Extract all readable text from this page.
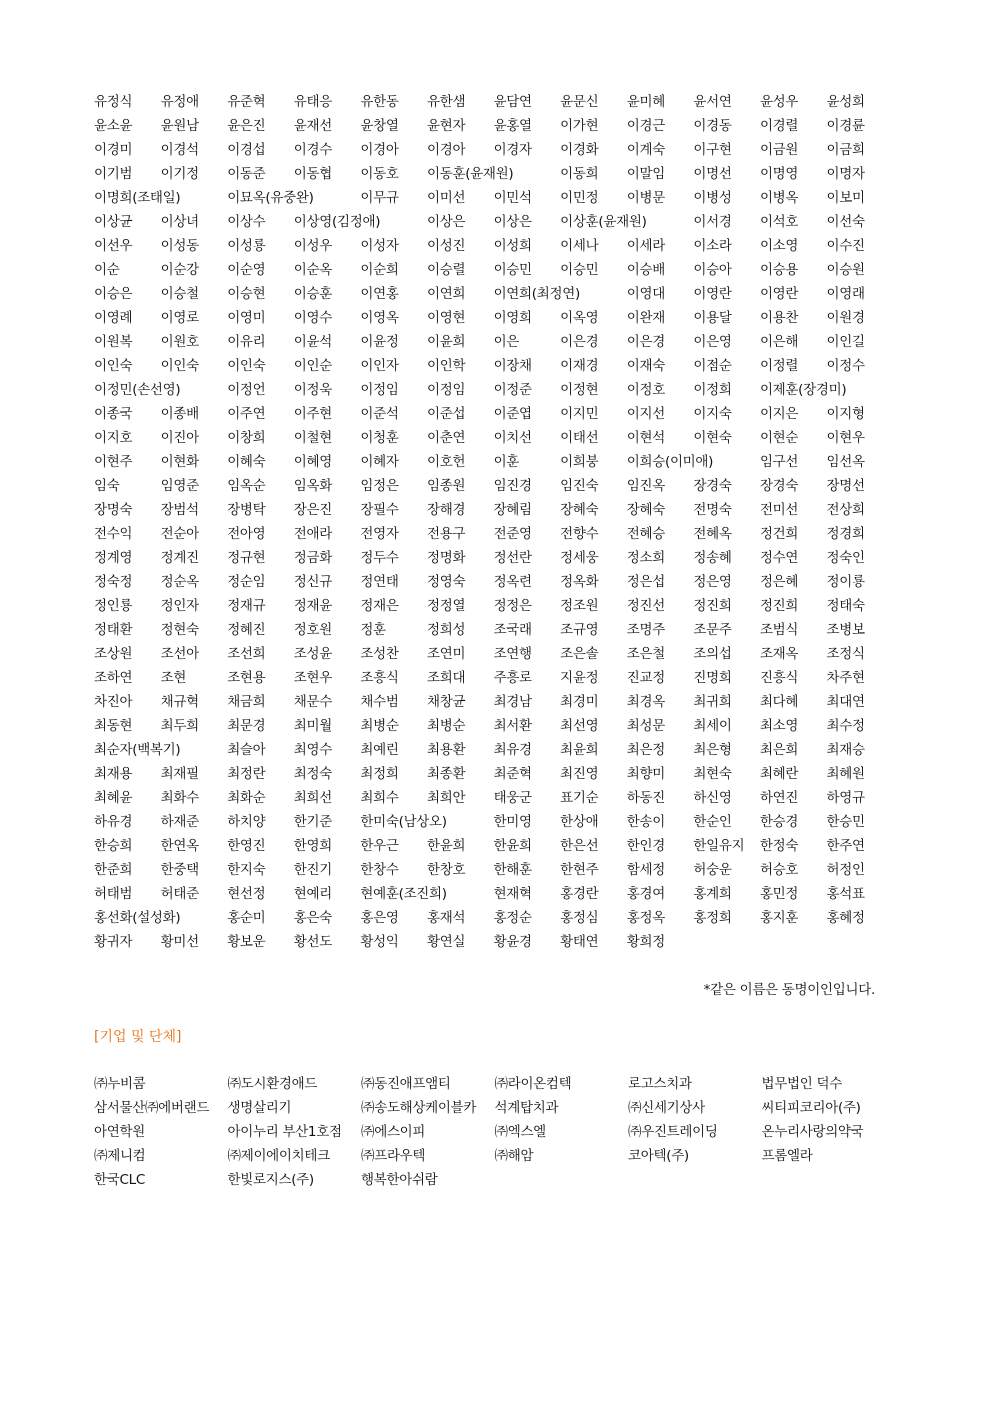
유정식	유정애	유준혁	유태응	유한동	유한샘	윤담연	윤문신	윤미혜	윤서연	윤성우	윤성희
윤소윤	윤원남	윤은진	윤재선	윤창열	윤현자	윤홍열	이가현	이경근	이경동	이경렬	이경륜
이경미	이경석	이경섭	이경수	이경아	이경아	이경자	이경화	이계숙	이구현	이금원	이금희
이기범	이기정	이동준	이동협	이동호	이동훈(윤재원)	이동희	이말임	이명선	이명영	이명자
이명희(조태일)	이묘옥(유중완)	이무규	이미선	이민석	이민정	이병문	이병성	이병옥	이보미
이상균	이상녀	이상수	이상영(김정애)	이상은	이상은	이상훈(윤재원)	이서경	이석호	이선숙
이선우	이성동	이성룡	이성우	이성자	이성진	이성희	이세나	이세라	이소라	이소영	이수진
이순	이순강	이순영	이순옥	이순희	이승렬	이승민	이승민	이승배	이승아	이승용	이승원
이승은	이승철	이승현	이승훈	이연홍	이연희	이연희(최정연)	이영대	이영란	이영란	이영래
이영례	이영로	이영미	이영수	이영옥	이영현	이영희	이옥영	이완재	이용달	이용찬	이원경
이원복	이원호	이유리	이윤석	이윤정	이윤희	이은	이은경	이은경	이은영	이은해	이인길
이인숙	이인숙	이인숙	이인순	이인자	이인학	이장채	이재경	이재숙	이점순	이정렬	이정수
이정민(손선영)	이정언	이정욱	이정임	이정임	이정준	이정현	이정호	이정희	이제훈(장경미)
이종국	이종배	이주연	이주현	이준석	이준섭	이준엽	이지민	이지선	이지숙	이지은	이지형
이지호	이진아	이창희	이철현	이청훈	이춘연	이치선	이태선	이현석	이현숙	이현순	이현우
이현주	이현화	이혜숙	이혜영	이혜자	이호헌	이훈	이희붕	이희승(이미애)	임구선	임선옥
임숙	임영준	임옥순	임옥화	임정은	임종원	임진경	임진숙	임진옥	장경숙	장경숙	장명선
장명숙	장범석	장병탁	장은진	장필수	장해경	장혜림	장혜숙	장혜숙	전명숙	전미선	전상희
전수익	전순아	전아영	전애라	전영자	전용구	전준영	전향수	전혜승	전혜옥	정건희	정경희
정계영	정계진	정규현	정금화	정두수	정명화	정선란	정세웅	정소희	정송혜	정수연	정숙인
정숙정	정순옥	정순임	정신규	정연태	정영숙	정옥련	정옥화	정은섭	정은영	정은혜	정이룡
정인룡	정인자	정재규	정재윤	정재은	정정열	정정은	정조원	정진선	정진희	정진희	정태숙
정태환	정현숙	정혜진	정호원	정훈	정희성	조국래	조규영	조명주	조문주	조범식	조병보
조상원	조선아	조선희	조성윤	조성찬	조연미	조연행	조은솔	조은철	조의섭	조재옥	조정식
조하연	조현	조현용	조현우	조흥식	조희대	주흥로	지윤정	진교정	진명희	진흥식	차주현
차진아	채규혁	채금희	채문수	채수범	채창균	최경남	최경미	최경옥	최귀희	최다혜	최대연
최동현	최두희	최문경	최미월	최병순	최병순	최서환	최선영	최성문	최세이	최소영	최수정
최순자(백복기)	최슬아	최영수	최예린	최용환	최유경	최윤희	최은정	최은형	최은희	최재승
최재용	최재필	최정란	최정숙	최정희	최종환	최준혁	최진영	최향미	최현숙	최혜란	최혜원
최혜윤	최화수	최화순	최희선	최희수	최희안	태웅군	표기순	하동진	하신영	하연진	하영규
하유경	하재준	하치양	한기준	한미숙(남상오)	한미영	한상애	한송이	한순인	한승경	한승민
한승희	한연옥	한영진	한영희	한우근	한윤희	한윤희	한은선	한인경	한일유지	한정숙	한주연
한준희	한중택	한지숙	한진기	한창수	한창호	한해훈	한현주	함세정	허숭운	허승호	허정인
허태범	허태준	현선정	현예리	현예훈(조진희)	현재혁	홍경란	홍경여	홍계희	홍민정	홍석표
홍선화(설성화)	홍순미	홍은숙	홍은영	홍재석	홍정순	홍정심	홍정옥	홍정희	홍지훈	홍혜정
황귀자	황미선	황보운	황선도	황성익	황연실	황윤경	황태연	황희정
*같은 이름은 동명이인입니다.
[기업 및 단체]
㈜누비콤	㈜도시환경애드	㈜동진애프앰티	㈜라이온컴텍	로고스치과	법무법인 덕수
삼서물산㈜에버랜드	생명살리기	㈜송도해상케이블카	석계탑치과	㈜신세기상사	씨티피코리아(주)
아연학원	아이누리 부산1호점	㈜에스이피	㈜엑스엘	㈜우진트레이딩	온누리사랑의약국
㈜제니컴	㈜제이에이치테크	㈜프라우텍	㈜해암	코아텍(주)	프롬엘라
한국CLC	한빛로지스(주)	행복한아쉬람
